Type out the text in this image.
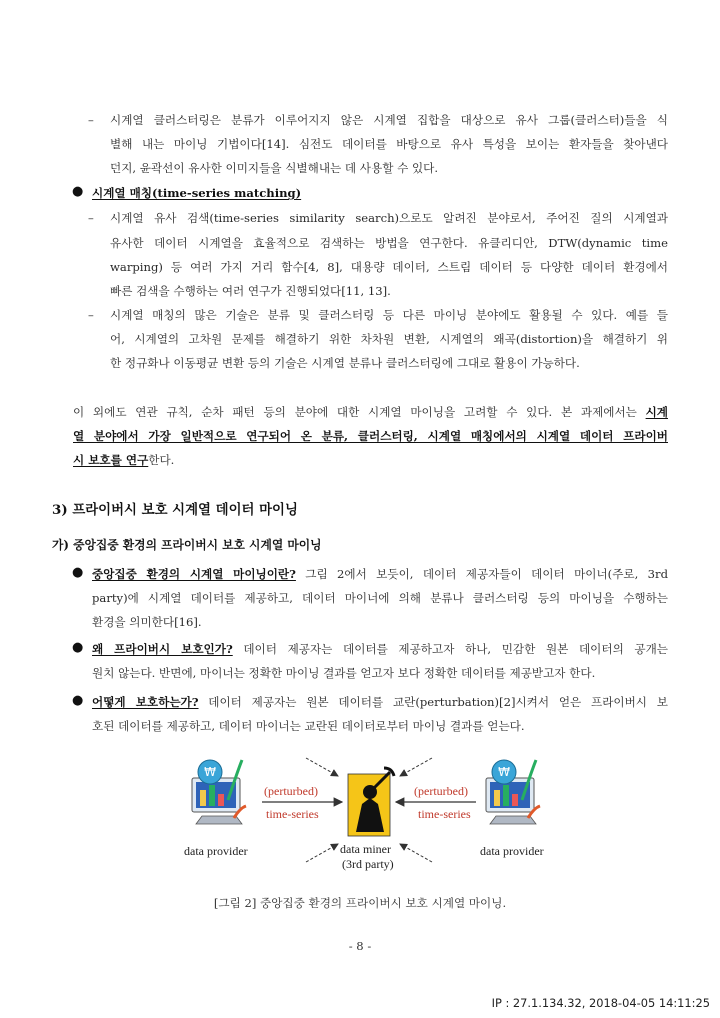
– 시계열 클러스터링은 분류가 이루어지지 않은 시계열 집합을 대상으로 유사 그룹(클러스터)들을 식
별해 내는 마이닝 기법이다[14]. 심전도 데이터를 바탕으로 유사 특성을 보이는 환자들을 찾아낸다
던지, 윤곽선이 유사한 이미지들을 식별해내는 데 사용할 수 있다.
● 시계열 매칭(time-series matching)
– 시계열 유사 검색(time-series similarity search)으로도 알려진 분야로서, 주어진 질의 시계열과
유사한 데이터 시계열을 효율적으로 검색하는 방법을 연구한다. 유클리디안, DTW(dynamic time
warping) 등 여러 가지 거리 함수[4, 8], 대용량 데이터, 스트림 데이터 등 다양한 데이터 환경에서
빠른 검색을 수행하는 여러 연구가 진행되었다[11, 13].
– 시계열 매칭의 많은 기술은 분류 및 클러스터링 등 다른 마이닝 분야에도 활용될 수 있다. 예를 들
어, 시계열의 고차원 문제를 해결하기 위한 차차원 변환, 시계열의 왜곡(distortion)을 해결하기 위
한 정규화나 이동평균 변환 등의 기술은 시계열 분류나 클러스터링에 그대로 활용이 가능하다.
이 외에도 연관 규칙, 순차 패턴 등의 분야에 대한 시계열 마이닝을 고려할 수 있다. 본 과제에서는 시계
열 분야에서 가장 일반적으로 연구되어 온 분류, 클러스터링, 시계열 매칭에서의 시계열 데이터 프라이버
시 보호를 연구한다.
3) 프라이버시 보호 시계열 데이터 마이닝
가) 중앙집중 환경의 프라이버시 보호 시계열 마이닝
● 중앙집중 환경의 시계열 마이닝이란? 그림 2에서 보듯이, 데이터 제공자들이 데이터 마이너(주로, 3rd
party)에 시계열 데이터를 제공하고, 데이터 마이너에 의해 분류나 클러스터링 등의 마이닝을 수행하는
환경을 의미한다[16].
● 왜 프라이버시 보호인가? 데이터 제공자는 데이터를 제공하고자 하나, 민감한 원본 데이터의 공개는
원치 않는다. 반면에, 마이너는 정확한 마이닝 결과를 얻고자 보다 정확한 데이터를 제공받고자 한다.
● 어떻게 보호하는가? 데이터 제공자는 원본 데이터를 교란(perturbation)[2]시켜서 얻은 프라이버시 보
호된 데이터를 제공하고, 데이터 마이너는 교란된 데이터로부터 마이닝 결과를 얻는다.
₩	₩
(perturbed)
time-series
(perturbed)
time-series
data provider	data provider
data miner
(3rd party)
[그림 2] 중앙집중 환경의 프라이버시 보호 시계열 마이닝.
- 8 -
IP : 27.1.134.32, 2018-04-05 14:11:25
